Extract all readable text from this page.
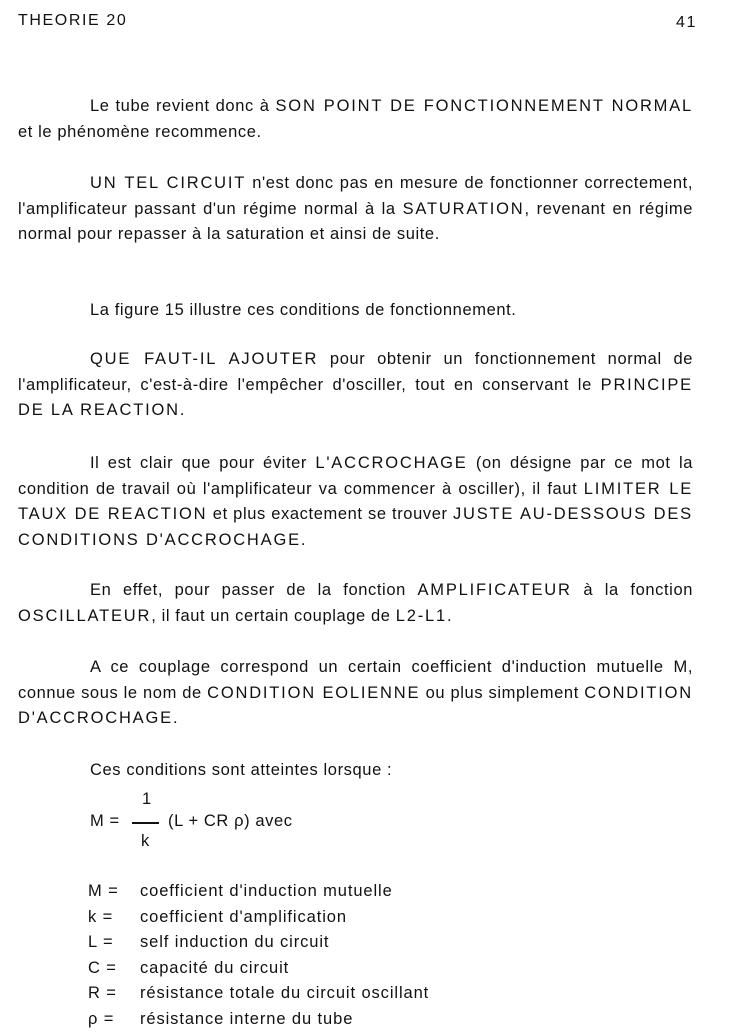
THEORIE 20	41

Le tube revient donc à SON POINT DE FONCTIONNEMENT NORMAL et le phénomène recommence.

UN TEL CIRCUIT n'est donc pas en mesure de fonctionner correctement, l'amplificateur passant d'un régime normal à la SATURATION, revenant en régime normal pour repasser à la saturation et ainsi de suite.

La figure 15 illustre ces conditions de fonctionnement.

QUE FAUT-IL AJOUTER pour obtenir un fonctionnement normal de l'amplificateur, c'est-à-dire l'empêcher d'osciller, tout en conservant le PRINCIPE DE LA REACTION.

Il est clair que pour éviter L'ACCROCHAGE (on désigne par ce mot la condition de travail où l'amplificateur va commencer à osciller), il faut LIMITER LE TAUX DE REACTION et plus exactement se trouver JUSTE AU-DESSOUS DES CONDITIONS D'ACCROCHAGE.

En effet, pour passer de la fonction AMPLIFICATEUR à la fonction OSCILLATEUR, il faut un certain couplage de L2-L1.

A ce couplage correspond un certain coefficient d'induction mutuelle M, connue sous le nom de CONDITION EOLIENNE ou plus simplement CONDITION D'ACCROCHAGE.

Ces conditions sont atteintes lorsque :

M =
1
k
(L + CR ρ) avec
M = coefficient d'induction mutuelle
k = coefficient d'amplification
L = self induction du circuit
C = capacité du circuit
R = résistance totale du circuit oscillant
ρ = résistance interne du tube
